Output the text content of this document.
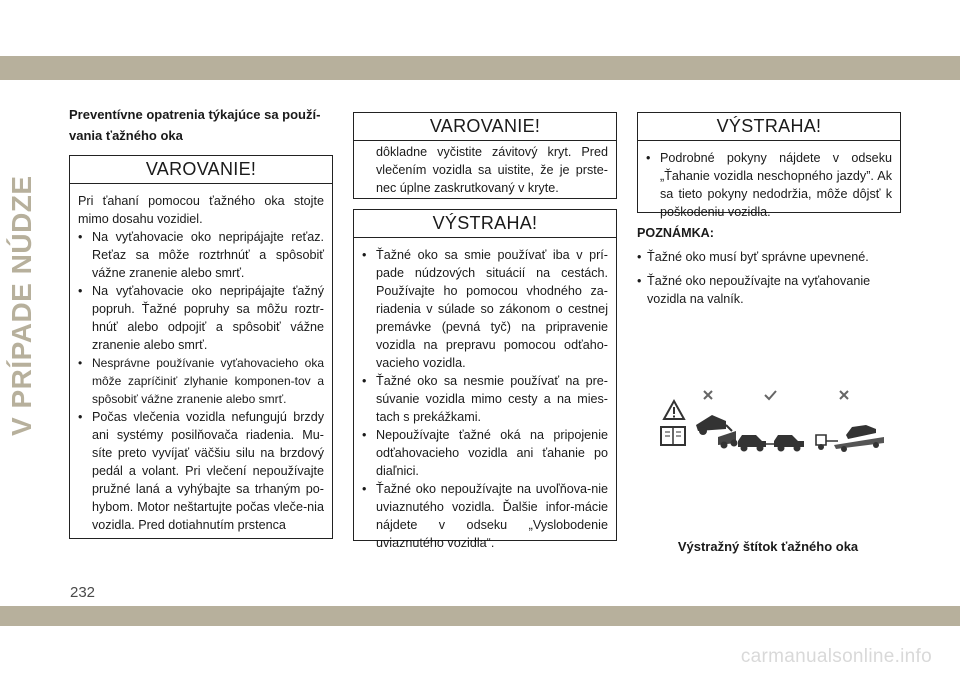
V PRÍPADE NÚDZE
Preventívne opatrenia týkajúce sa použí-vania ťažného oka
VAROVANIE!

Pri ťahaní pomocou ťažného oka stojte mimo dosahu vozidiel.

• Na vyťahovacie oko nepripájajte reťaz. Reťaz sa môže roztrhnúť a spôsobiť vážne zranenie alebo smrť.
• Na vyťahovacie oko nepripájajte ťažný popruh. Ťažné popruhy sa môžu roztr-hnúť alebo odpojiť a spôsobiť vážne zranenie alebo smrť.
• Nesprávne používanie vyťahovacieho oka môže zapríčiniť zlyhanie komponen-tov a spôsobiť vážne zranenie alebo smrť.
• Počas vlečenia vozidla nefungujú brzdy ani systémy posilňovača riadenia. Mu-síte preto vyvíjať väčšiu silu na brzdový pedál a volant. Pri vlečení nepoužívajte pružné laná a vyhýbajte sa trhaným po-hybom. Motor neštartujte počas vleče-nia vozidla. Pred dotiahnutím prstenca
VAROVANIE!

dôkladne vyčistite závitový kryt. Pred vlečením vozidla sa uistite, že je prste-nec úplne zaskrutkovaný v kryte.

VÝSTRAHA!
• Ťažné oko sa smie používať iba v prí-pade núdzových situácií na cestách. Používajte ho pomocou vhodného za-riadenia v súlade so zákonom o cestnej premávke (pevná tyč) na pripravenie vozidla na prepravu pomocou odťaho-vacieho vozidla.
• Ťažné oko sa nesmie používať na pre-súvanie vozidla mimo cesty a na mies-tach s prekážkami.
• Nepoužívajte ťažné oká na pripojenie odťahovacieho vozidla ani ťahanie po diaľnici.
• Ťažné oko nepoužívajte na uvoľňova-nie uviaznutého vozidla. Ďalšie infor-mácie nájdete v odseku „Vyslobodenie uviaznutého vozidla“.
VÝSTRAHA!
• Podrobné pokyny nájdete v odseku „Ťahanie vozidla neschopného jazdy”. Ak sa tieto pokyny nedodržia, môže dôjsť k poškodeniu vozidla.
POZNÁMKA:
• Ťažné oko musí byť správne upevnené.
• Ťažné oko nepoužívajte na vyťahovanie vozidla na valník.
Výstražný štítok ťažného oka
232
carmanualsonline.info
